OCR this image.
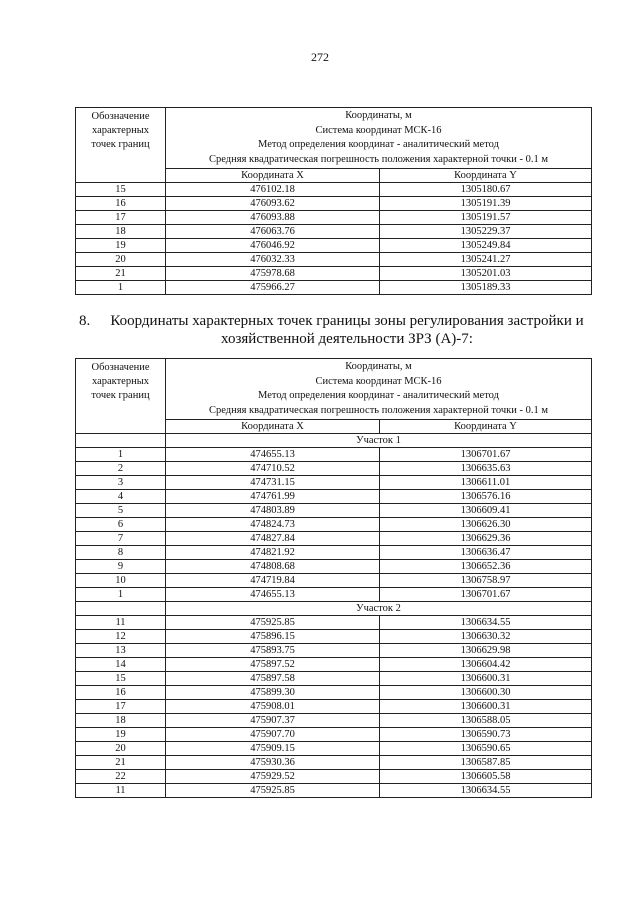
272
Обозначение
характерных
точек границ	Координаты, м
Система координат МСК-16
Метод определения координат - аналитический метод
Средняя квадратическая погрешность положения характерной точки - 0.1 м	

	Координата X	Координата Y
15	476102.18	1305180.67
16	476093.62	1305191.39
17	476093.88	1305191.57
18	476063.76	1305229.37
19	476046.92	1305249.84
20	476032.33	1305241.27
21	475978.68	1305201.03
1	475966.27	1305189.33
8.	Координаты характерных точек границы зоны регулирования застройки и
хозяйственной деятельности ЗРЗ (А)-7:
Обозначение
характерных
точек границ	Координаты, м
Система координат МСК-16
Метод определения координат - аналитический метод
Средняя квадратическая погрешность положения характерной точки - 0.1 м	

	Координата X	Координата Y
	Участок 1	
1	474655.13	1306701.67
2	474710.52	1306635.63
3	474731.15	1306611.01
4	474761.99	1306576.16
5	474803.89	1306609.41
6	474824.73	1306626.30
7	474827.84	1306629.36
8	474821.92	1306636.47
9	474808.68	1306652.36
10	474719.84	1306758.97
1	474655.13	1306701.67
	Участок 2	
11	475925.85	1306634.55
12	475896.15	1306630.32
13	475893.75	1306629.98
14	475897.52	1306604.42
15	475897.58	1306600.31
16	475899.30	1306600.30
17	475908.01	1306600.31
18	475907.37	1306588.05
19	475907.70	1306590.73
20	475909.15	1306590.65
21	475930.36	1306587.85
22	475929.52	1306605.58
11	475925.85	1306634.55
